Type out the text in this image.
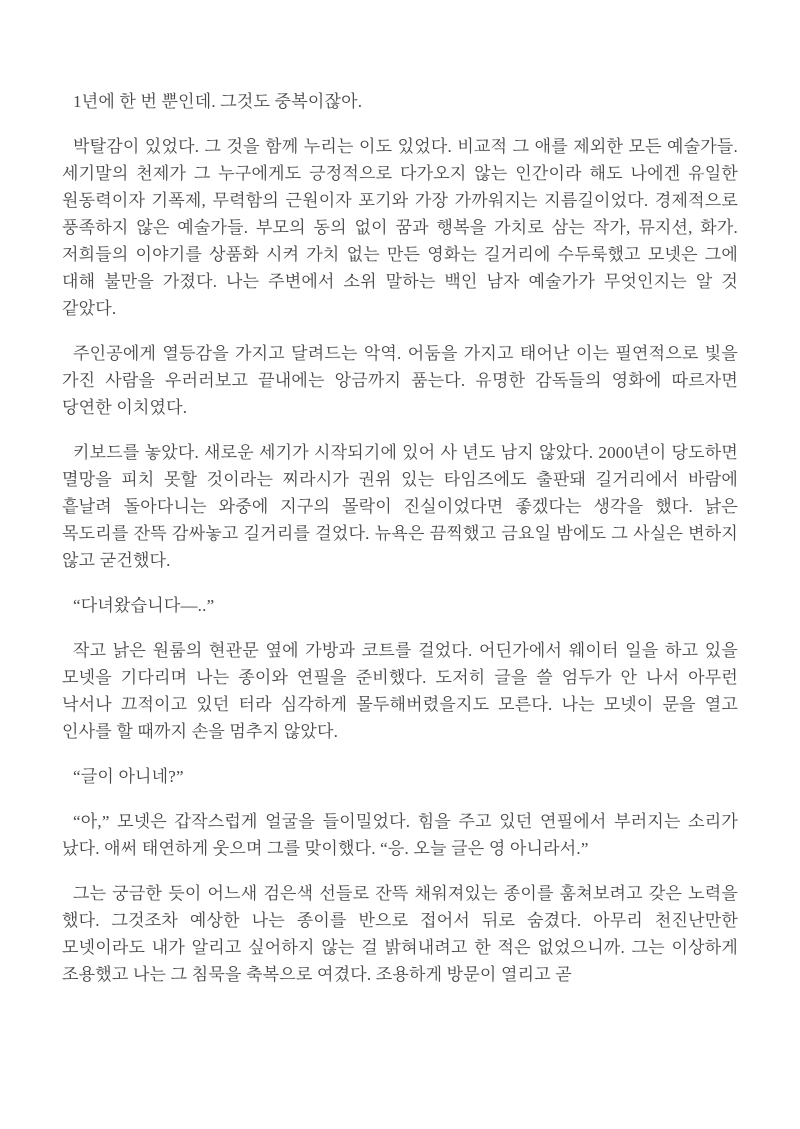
1년에 한 번 뿐인데. 그것도 중복이잖아.

박탈감이 있었다. 그 것을 함께 누리는 이도 있었다. 비교적 그 애를 제외한 모든 예술가들. 세기말의 천제가 그 누구에게도 긍정적으로 다가오지 않는 인간이라 해도 나에겐 유일한 원동력이자 기폭제, 무력함의 근원이자 포기와 가장 가까워지는 지름길이었다. 경제적으로 풍족하지 않은 예술가들. 부모의 동의 없이 꿈과 행복을 가치로 삼는 작가, 뮤지션, 화가. 저희들의 이야기를 상품화 시켜 가치 없는 만든 영화는 길거리에 수두룩했고 모넷은 그에 대해 불만을 가졌다. 나는 주변에서 소위 말하는 백인 남자 예술가가 무엇인지는 알 것 같았다.

주인공에게 열등감을 가지고 달려드는 악역. 어둠을 가지고 태어난 이는 필연적으로 빛을 가진 사람을 우러러보고 끝내에는 앙금까지 품는다. 유명한 감독들의 영화에 따르자면 당연한 이치였다.

키보드를 놓았다. 새로운 세기가 시작되기에 있어 사 년도 남지 않았다. 2000년이 당도하면 멸망을 피치 못할 것이라는 찌라시가 권위 있는 타임즈에도 출판돼 길거리에서 바람에 흩날려 돌아다니는 와중에 지구의 몰락이 진실이었다면 좋겠다는 생각을 했다. 낡은 목도리를 잔뜩 감싸놓고 길거리를 걸었다. 뉴욕은 끔찍했고 금요일 밤에도 그 사실은 변하지 않고 굳건했다.

“다녀왔습니다—..”

작고 낡은 원룸의 현관문 옆에 가방과 코트를 걸었다. 어딘가에서 웨이터 일을 하고 있을 모넷을 기다리며 나는 종이와 연필을 준비했다. 도저히 글을 쓸 엄두가 안 나서 아무런 낙서나 끄적이고 있던 터라 심각하게 몰두해버렸을지도 모른다. 나는 모넷이 문을 열고 인사를 할 때까지 손을 멈추지 않았다.

“글이 아니네?”

“아,” 모넷은 갑작스럽게 얼굴을 들이밀었다. 힘을 주고 있던 연필에서 부러지는 소리가 났다. 애써 태연하게 웃으며 그를 맞이했다. “응. 오늘 글은 영 아니라서.”

그는 궁금한 듯이 어느새 검은색 선들로 잔뜩 채워져있는 종이를 훔쳐보려고 갖은 노력을 했다. 그것조차 예상한 나는 종이를 반으로 접어서 뒤로 숨겼다. 아무리 천진난만한 모넷이라도 내가 알리고 싶어하지 않는 걸 밝혀내려고 한 적은 없었으니까. 그는 이상하게 조용했고 나는 그 침묵을 축복으로 여겼다. 조용하게 방문이 열리고 곧
